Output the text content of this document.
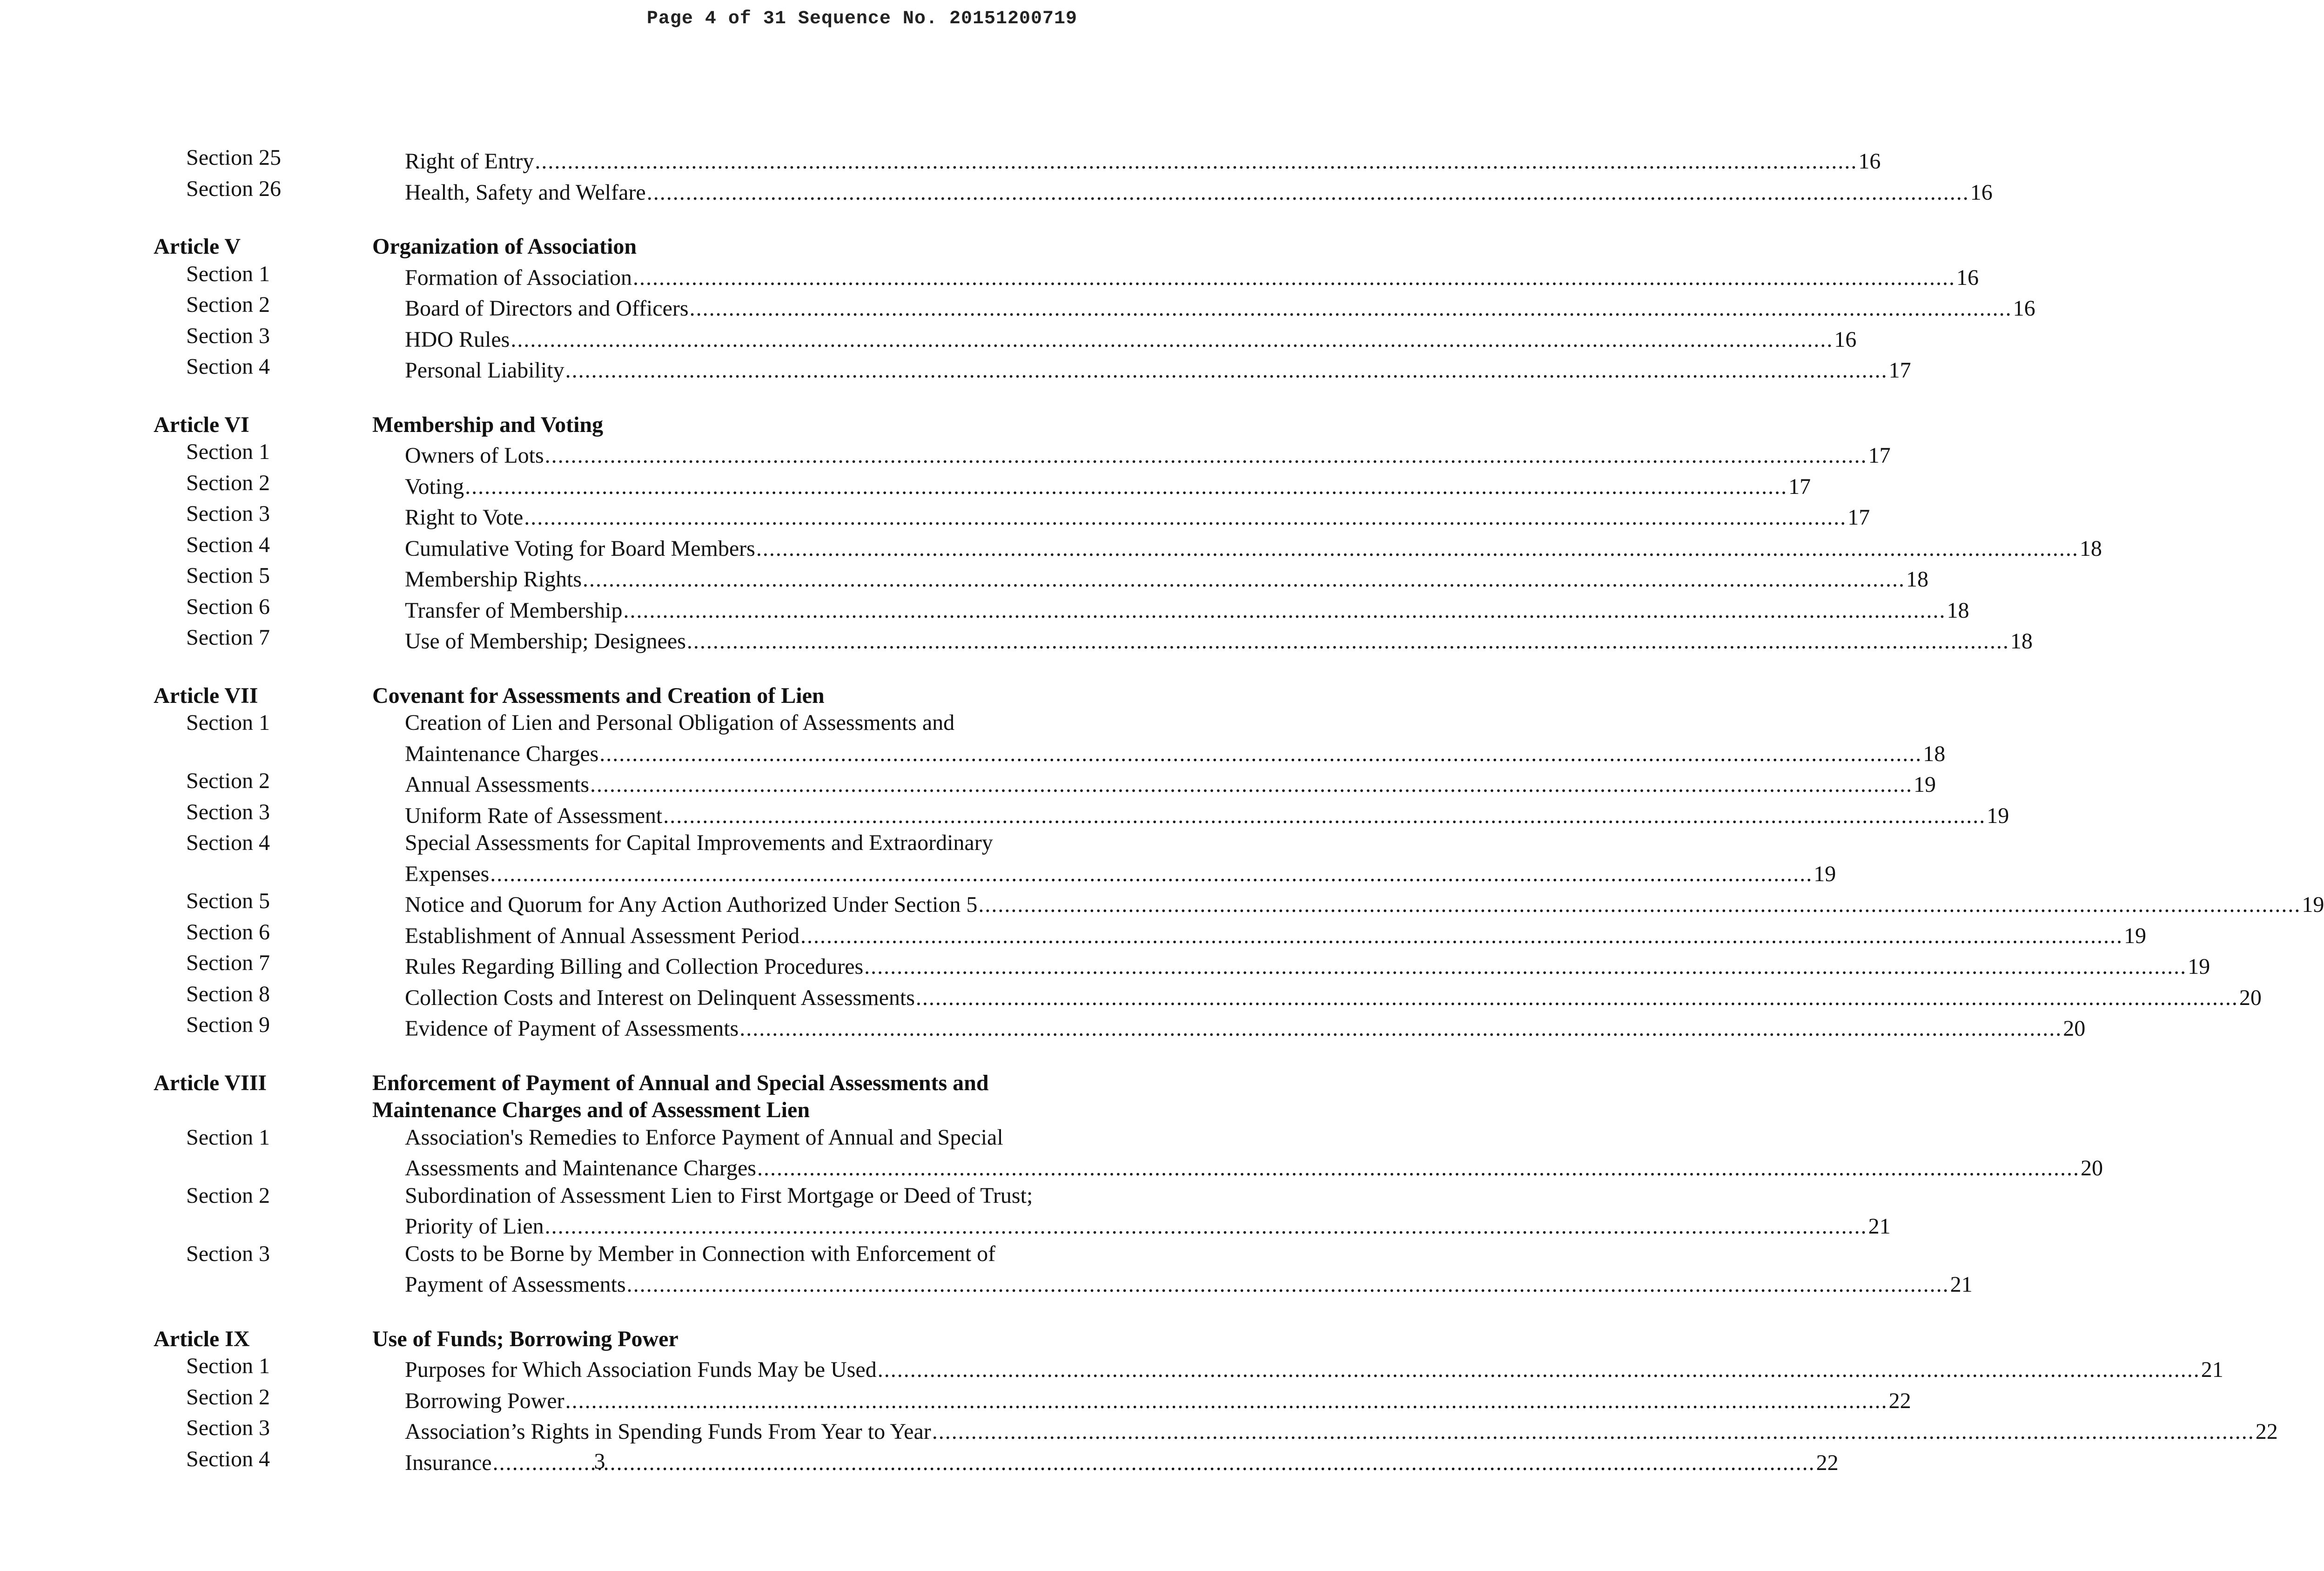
Page 4 of 31 Sequence No. 20151200719
Section 25	Right of Entry .....	16
Section 26	Health, Safety and Welfare .....	16
Article V	Organization of Association
Section 1	Formation of Association .....	16
Section 2	Board of Directors and Officers .....	16
Section 3	HDO Rules .....	16
Section 4	Personal Liability .....	17
Article VI	Membership and Voting
Section 1	Owners of Lots .....	17
Section 2	Voting .....	17
Section 3	Right to Vote .....	17
Section 4	Cumulative Voting for Board Members .....	18
Section 5	Membership Rights .....	18
Section 6	Transfer of Membership .....	18
Section 7	Use of Membership; Designees .....	18
Article VII	Covenant for Assessments and Creation of Lien
Section 1	Creation of Lien and Personal Obligation of Assessments and
Maintenance Charges .....	18
Section 2	Annual Assessments .....	19
Section 3	Uniform Rate of Assessment .....	19
Section 4	Special Assessments for Capital Improvements and Extraordinary
Expenses .....	19
Section 5	Notice and Quorum for Any Action Authorized Under Section 5 .....	19
Section 6	Establishment of Annual Assessment Period .....	19
Section 7	Rules Regarding Billing and Collection Procedures .....	19
Section 8	Collection Costs and Interest on Delinquent Assessments .....	20
Section 9	Evidence of Payment of Assessments .....	20
Article VIII	Enforcement of Payment of Annual and Special Assessments and
Maintenance Charges and of Assessment Lien
Section 1	Association's Remedies to Enforce Payment of Annual and Special
Assessments and Maintenance Charges .....	20
Section 2	Subordination of Assessment Lien to First Mortgage or Deed of Trust;
Priority of Lien .....	21
Section 3	Costs to be Borne by Member in Connection with Enforcement of
Payment of Assessments .....	21
Article IX	Use of Funds; Borrowing Power
Section 1	Purposes for Which Association Funds May be Used .....	21
Section 2	Borrowing Power .....	22
Section 3	Association’s Rights in Spending Funds From Year to Year .....	22
Section 4	Insurance .....	22
3
